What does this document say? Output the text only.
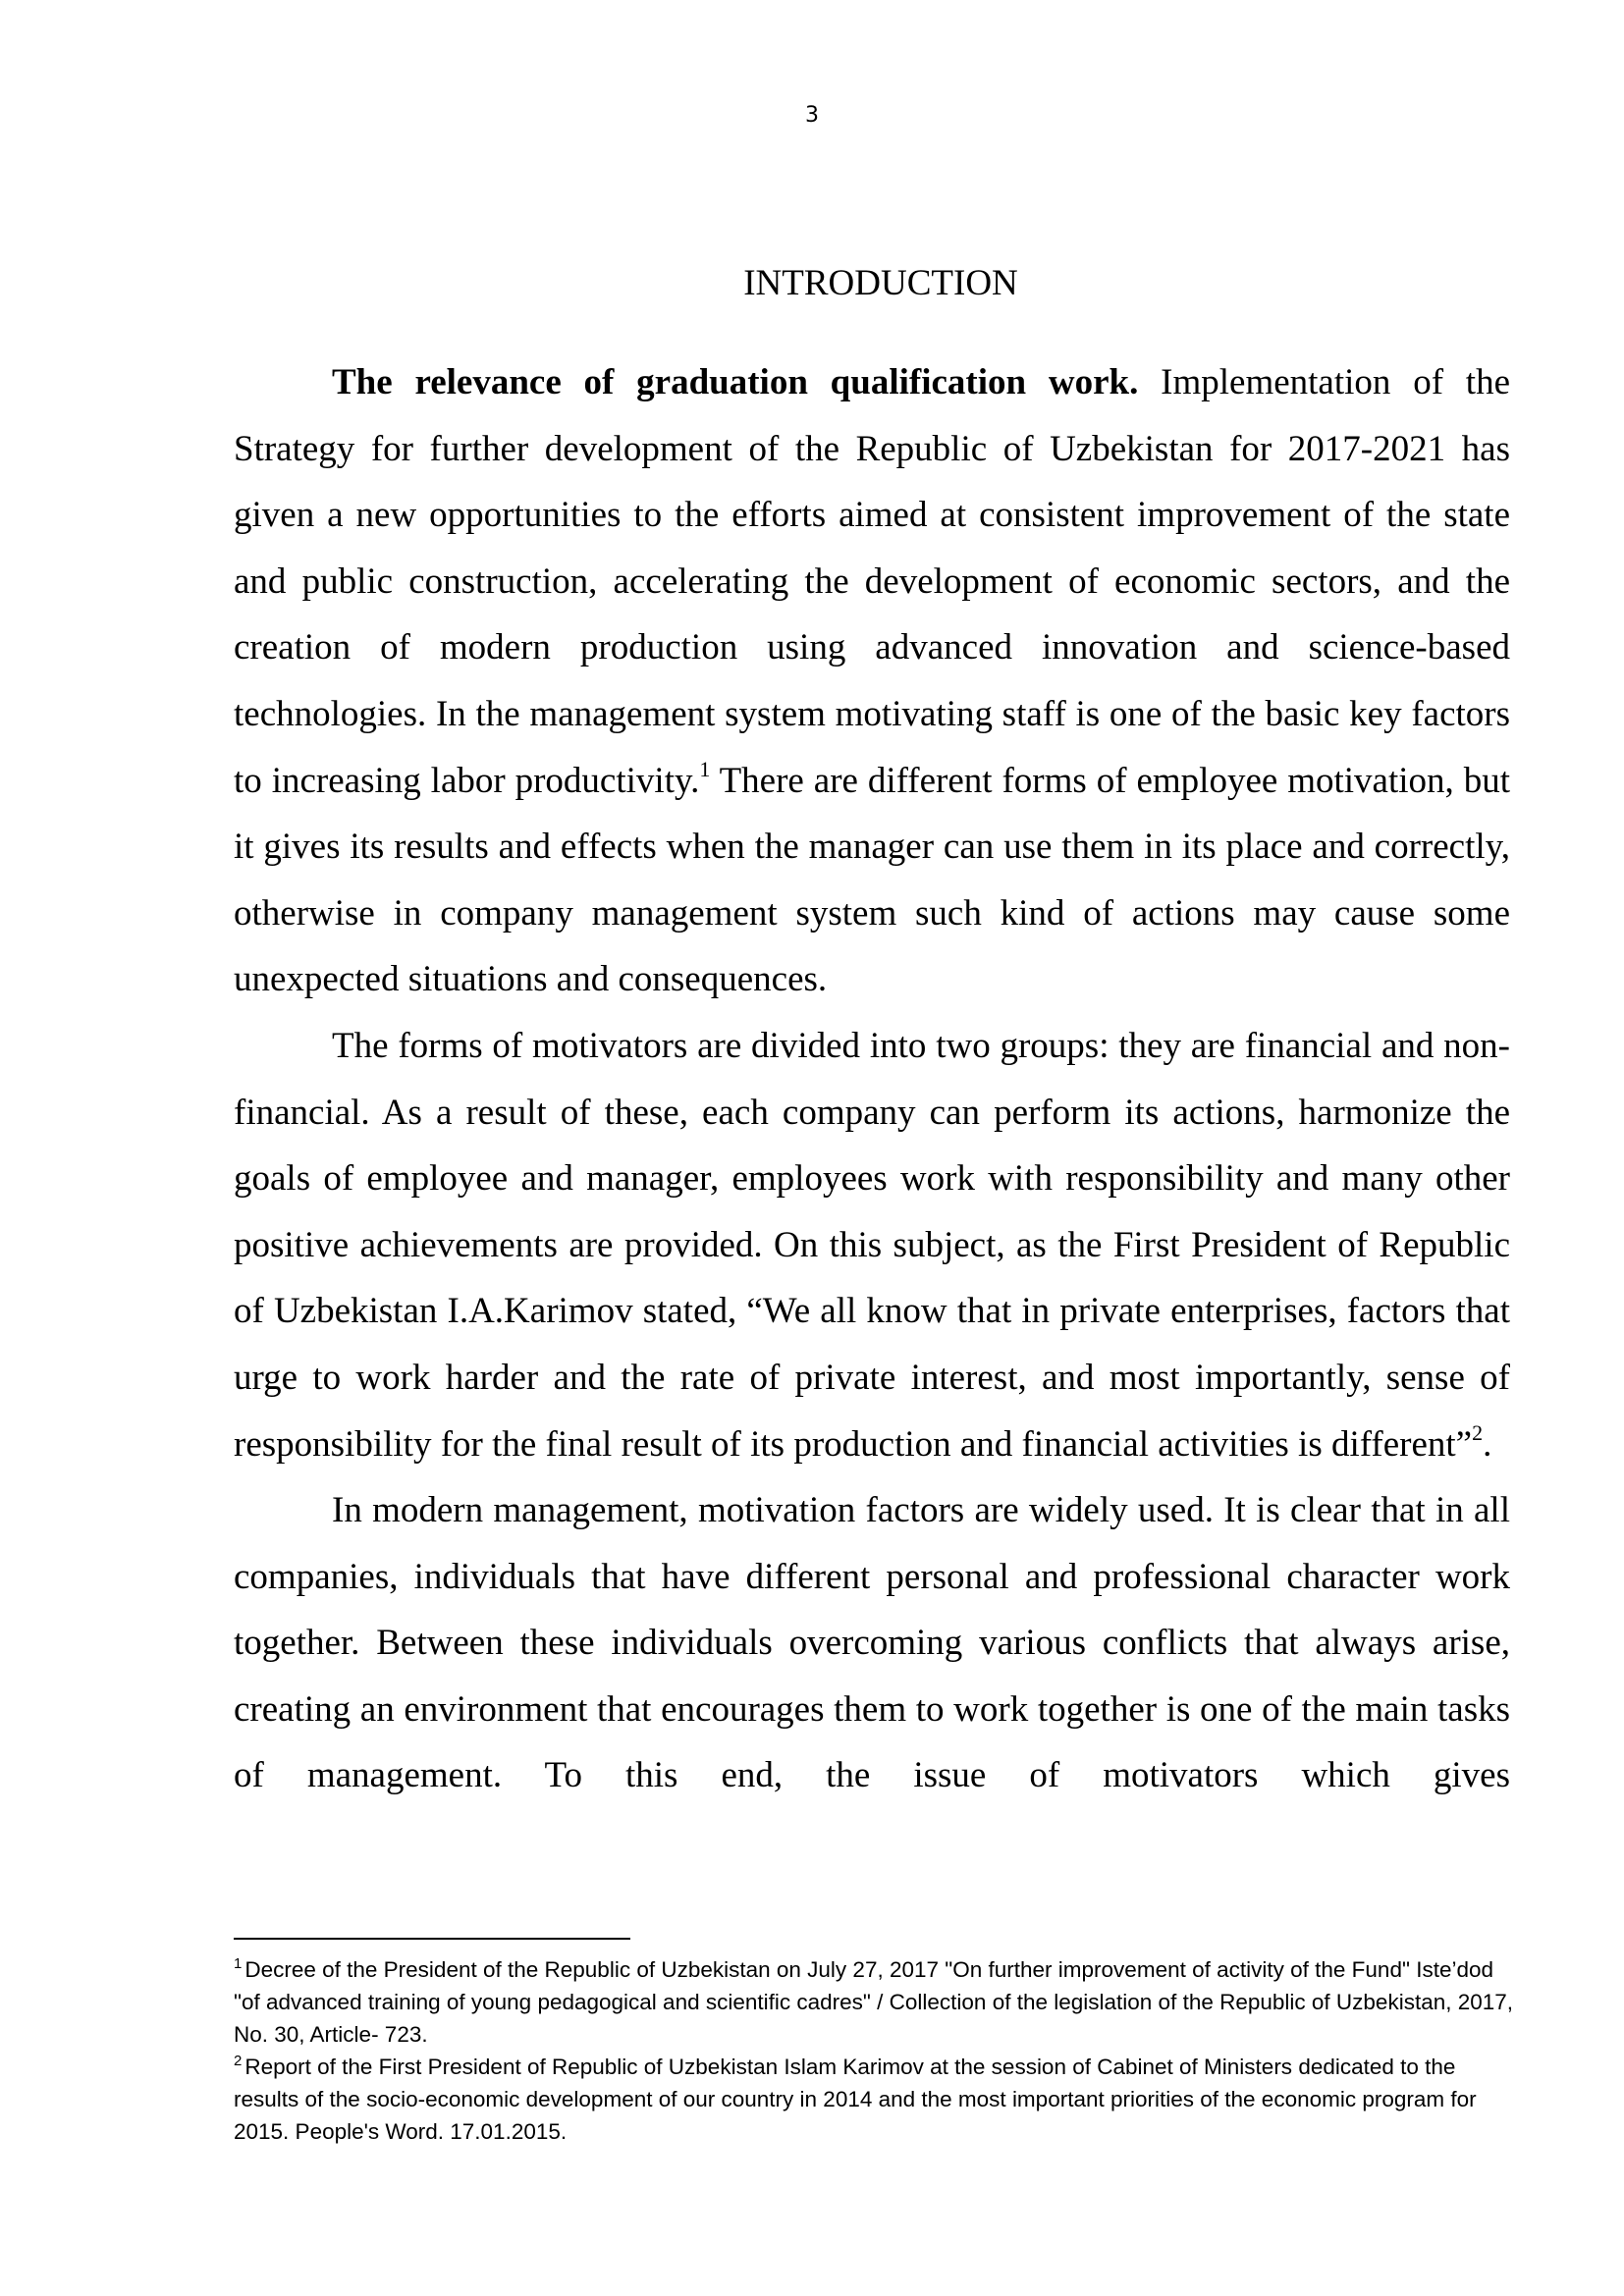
3
INTRODUCTION

The relevance of graduation qualification work. Implementation of the Strategy for further development of the Republic of Uzbekistan for 2017-2021 has given a new opportunities to the efforts aimed at consistent improvement of the state and public construction, accelerating the development of economic sectors, and the creation of modern production using advanced innovation and science-based technologies. In the management system motivating staff is one of the basic key factors to increasing labor productivity.$^1$ There are different forms of employee motivation, but it gives its results and effects when the manager can use them in its place and correctly, otherwise in company management system such kind of actions may cause some unexpected situations and consequences.

The forms of motivators are divided into two groups: they are financial and non-financial. As a result of these, each company can perform its actions, harmonize the goals of employee and manager, employees work with responsibility and many other positive achievements are provided. On this subject, as the First President of Republic of Uzbekistan I.A.Karimov stated, “We all know that in private enterprises, factors that urge to work harder and the rate of private interest, and most importantly, sense of responsibility for the final result of its production and financial activities is different”$^2$.

In modern management, motivation factors are widely used. It is clear that in all companies, individuals that have different personal and professional character work together. Between these individuals overcoming various conflicts that always arise, creating an environment that encourages them to work together is one of the main tasks of management. To this end, the issue of motivators which gives

$^1$ Decree of the President of the Republic of Uzbekistan on July 27, 2017 "On further improvement of activity of the Fund" Iste’dod "of advanced training of young pedagogical and scientific cadres" / Collection of the legislation of the Republic of Uzbekistan, 2017, No. 30, Article- 723.

$^2$ Report of the First President of Republic of Uzbekistan Islam Karimov at the session of Cabinet of Ministers dedicated to the results of the socio-economic development of our country in 2014 and the most important priorities of the economic program for 2015. People's Word. 17.01.2015.
